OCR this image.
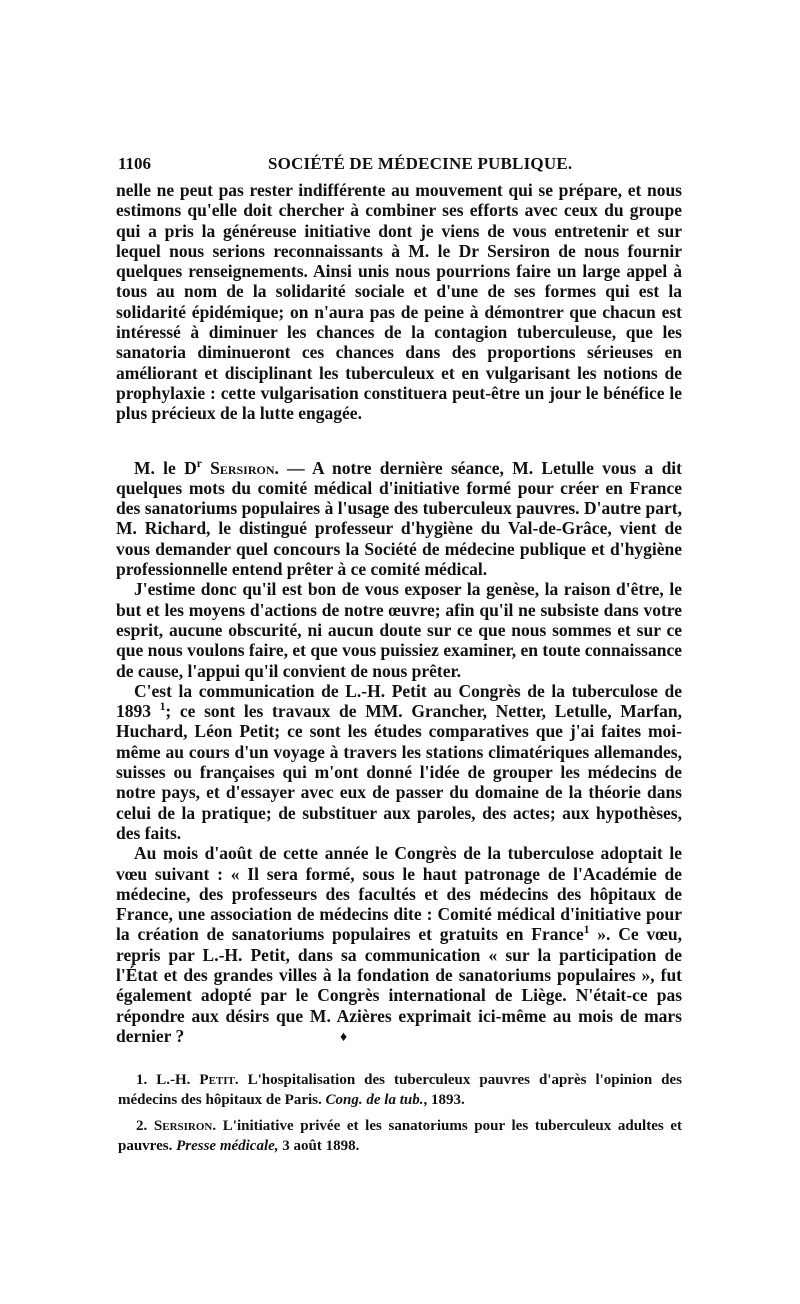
1106	SOCIÉTÉ DE MÉDECINE PUBLIQUE.

nelle ne peut pas rester indifférente au mouvement qui se prépare, et nous estimons qu'elle doit chercher à combiner ses efforts avec ceux du groupe qui a pris la généreuse initiative dont je viens de vous entretenir et sur lequel nous serions reconnaissants à M. le Dr Sersiron de nous fournir quelques renseignements. Ainsi unis nous pourrions faire un large appel à tous au nom de la solidarité sociale et d'une de ses formes qui est la solidarité épidémique; on n'aura pas de peine à démontrer que chacun est intéressé à diminuer les chances de la contagion tuberculeuse, que les sanatoria diminueront ces chances dans des proportions sérieuses en améliorant et disciplinant les tuberculeux et en vulgarisant les notions de prophylaxie : cette vulgarisation constituera peut-être un jour le bénéfice le plus précieux de la lutte engagée.

M. le $D^r$ Sersiron. — A notre dernière séance, M. Letulle vous a dit quelques mots du comité médical d'initiative formé pour créer en France des sanatoriums populaires à l'usage des tuberculeux pauvres. D'autre part, M. Richard, le distingué professeur d'hygiène du Val-de-Grâce, vient de vous demander quel concours la Société de médecine publique et d'hygiène professionnelle entend prêter à ce comité médical.

J'estime donc qu'il est bon de vous exposer la genèse, la raison d'être, le but et les moyens d'actions de notre œuvre; afin qu'il ne subsiste dans votre esprit, aucune obscurité, ni aucun doute sur ce que nous sommes et sur ce que nous voulons faire, et que vous puissiez examiner, en toute connaissance de cause, l'appui qu'il convient de nous prêter.

C'est la communication de L.-H. Petit au Congrès de la tuberculose de 1893 $^1$; ce sont les travaux de MM. Grancher, Netter, Letulle, Marfan, Huchard, Léon Petit; ce sont les études comparatives que j'ai faites moi-même au cours d'un voyage à travers les stations climatériques allemandes, suisses ou françaises qui m'ont donné l'idée de grouper les médecins de notre pays, et d'essayer avec eux de passer du domaine de la théorie dans celui de la pratique; de substituer aux paroles, des actes; aux hypothèses, des faits.

Au mois d'août de cette année le Congrès de la tuberculose adoptait le vœu suivant : « Il sera formé, sous le haut patronage de l'Académie de médecine, des professeurs des facultés et des médecins des hôpitaux de France, une association de médecins dite : Comité médical d'initiative pour la création de sanatoriums populaires et gratuits en France$^1$ ». Ce vœu, repris par L.-H. Petit, dans sa communication « sur la participation de l'État et des grandes villes à la fondation de sanatoriums populaires », fut également adopté par le Congrès international de Liège. N'était-ce pas répondre aux désirs que M. Azières exprimait ici-même au mois de mars dernier ?	♦

1. L.-H. Petit. L'hospitalisation des tuberculeux pauvres d'après l'opinion des médecins des hôpitaux de Paris. Cong. de la tub., 1893.

2. Sersiron. L'initiative privée et les sanatoriums pour les tuberculeux adultes et pauvres. Presse médicale, 3 août 1898.
